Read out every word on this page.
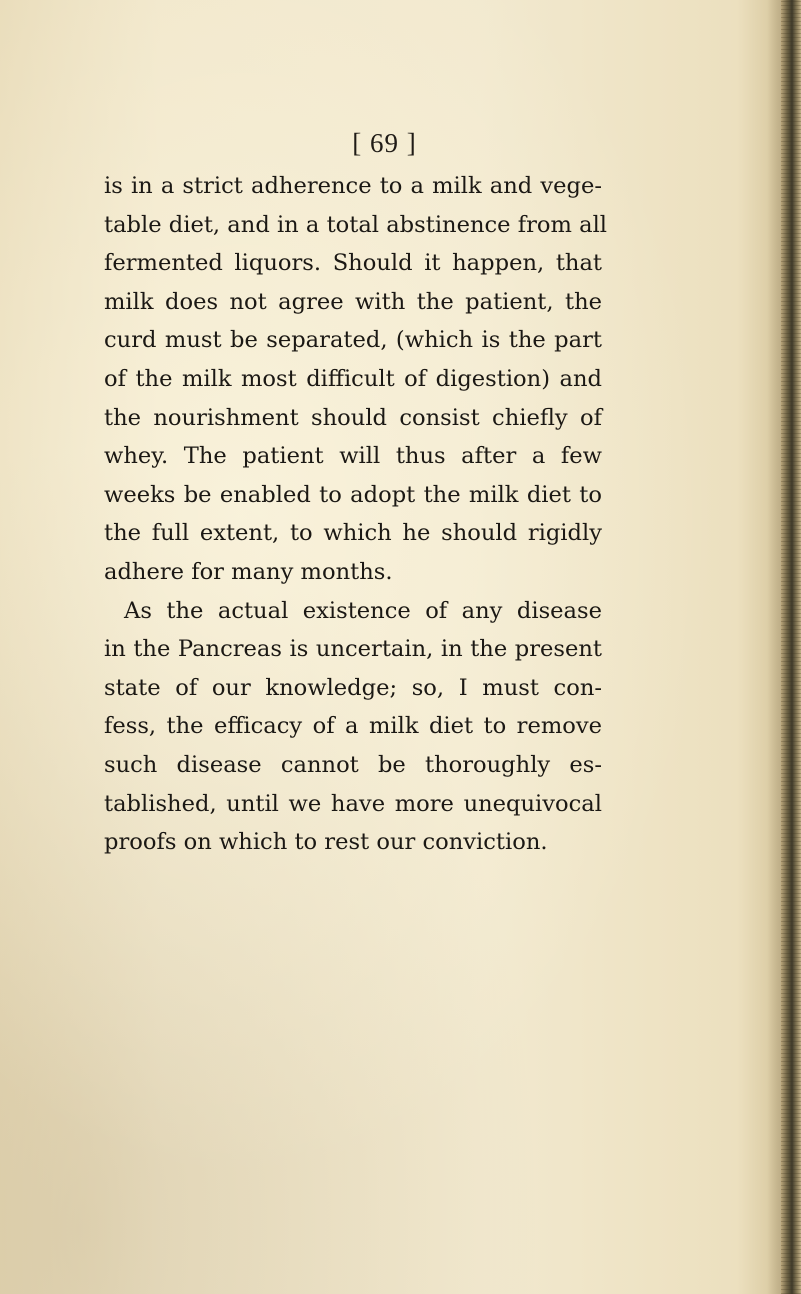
[ 69 ]
is in a strict adherence to a milk and vege-
table diet, and in a total abstinence from all
fermented liquors. Should it happen, that
milk does not agree with the patient, the
curd must be separated, (which is the part
of the milk most difficult of digestion) and
the nourishment should consist chiefly of
whey. The patient will thus after a few
weeks be enabled to adopt the milk diet to
the full extent, to which he should rigidly
adhere for many months.
As the actual existence of any disease
in the Pancreas is uncertain, in the present
state of our knowledge; so, I must con-
fess, the efficacy of a milk diet to remove
such disease cannot be thoroughly es-
tablished, until we have more unequivocal
proofs on which to rest our conviction.
